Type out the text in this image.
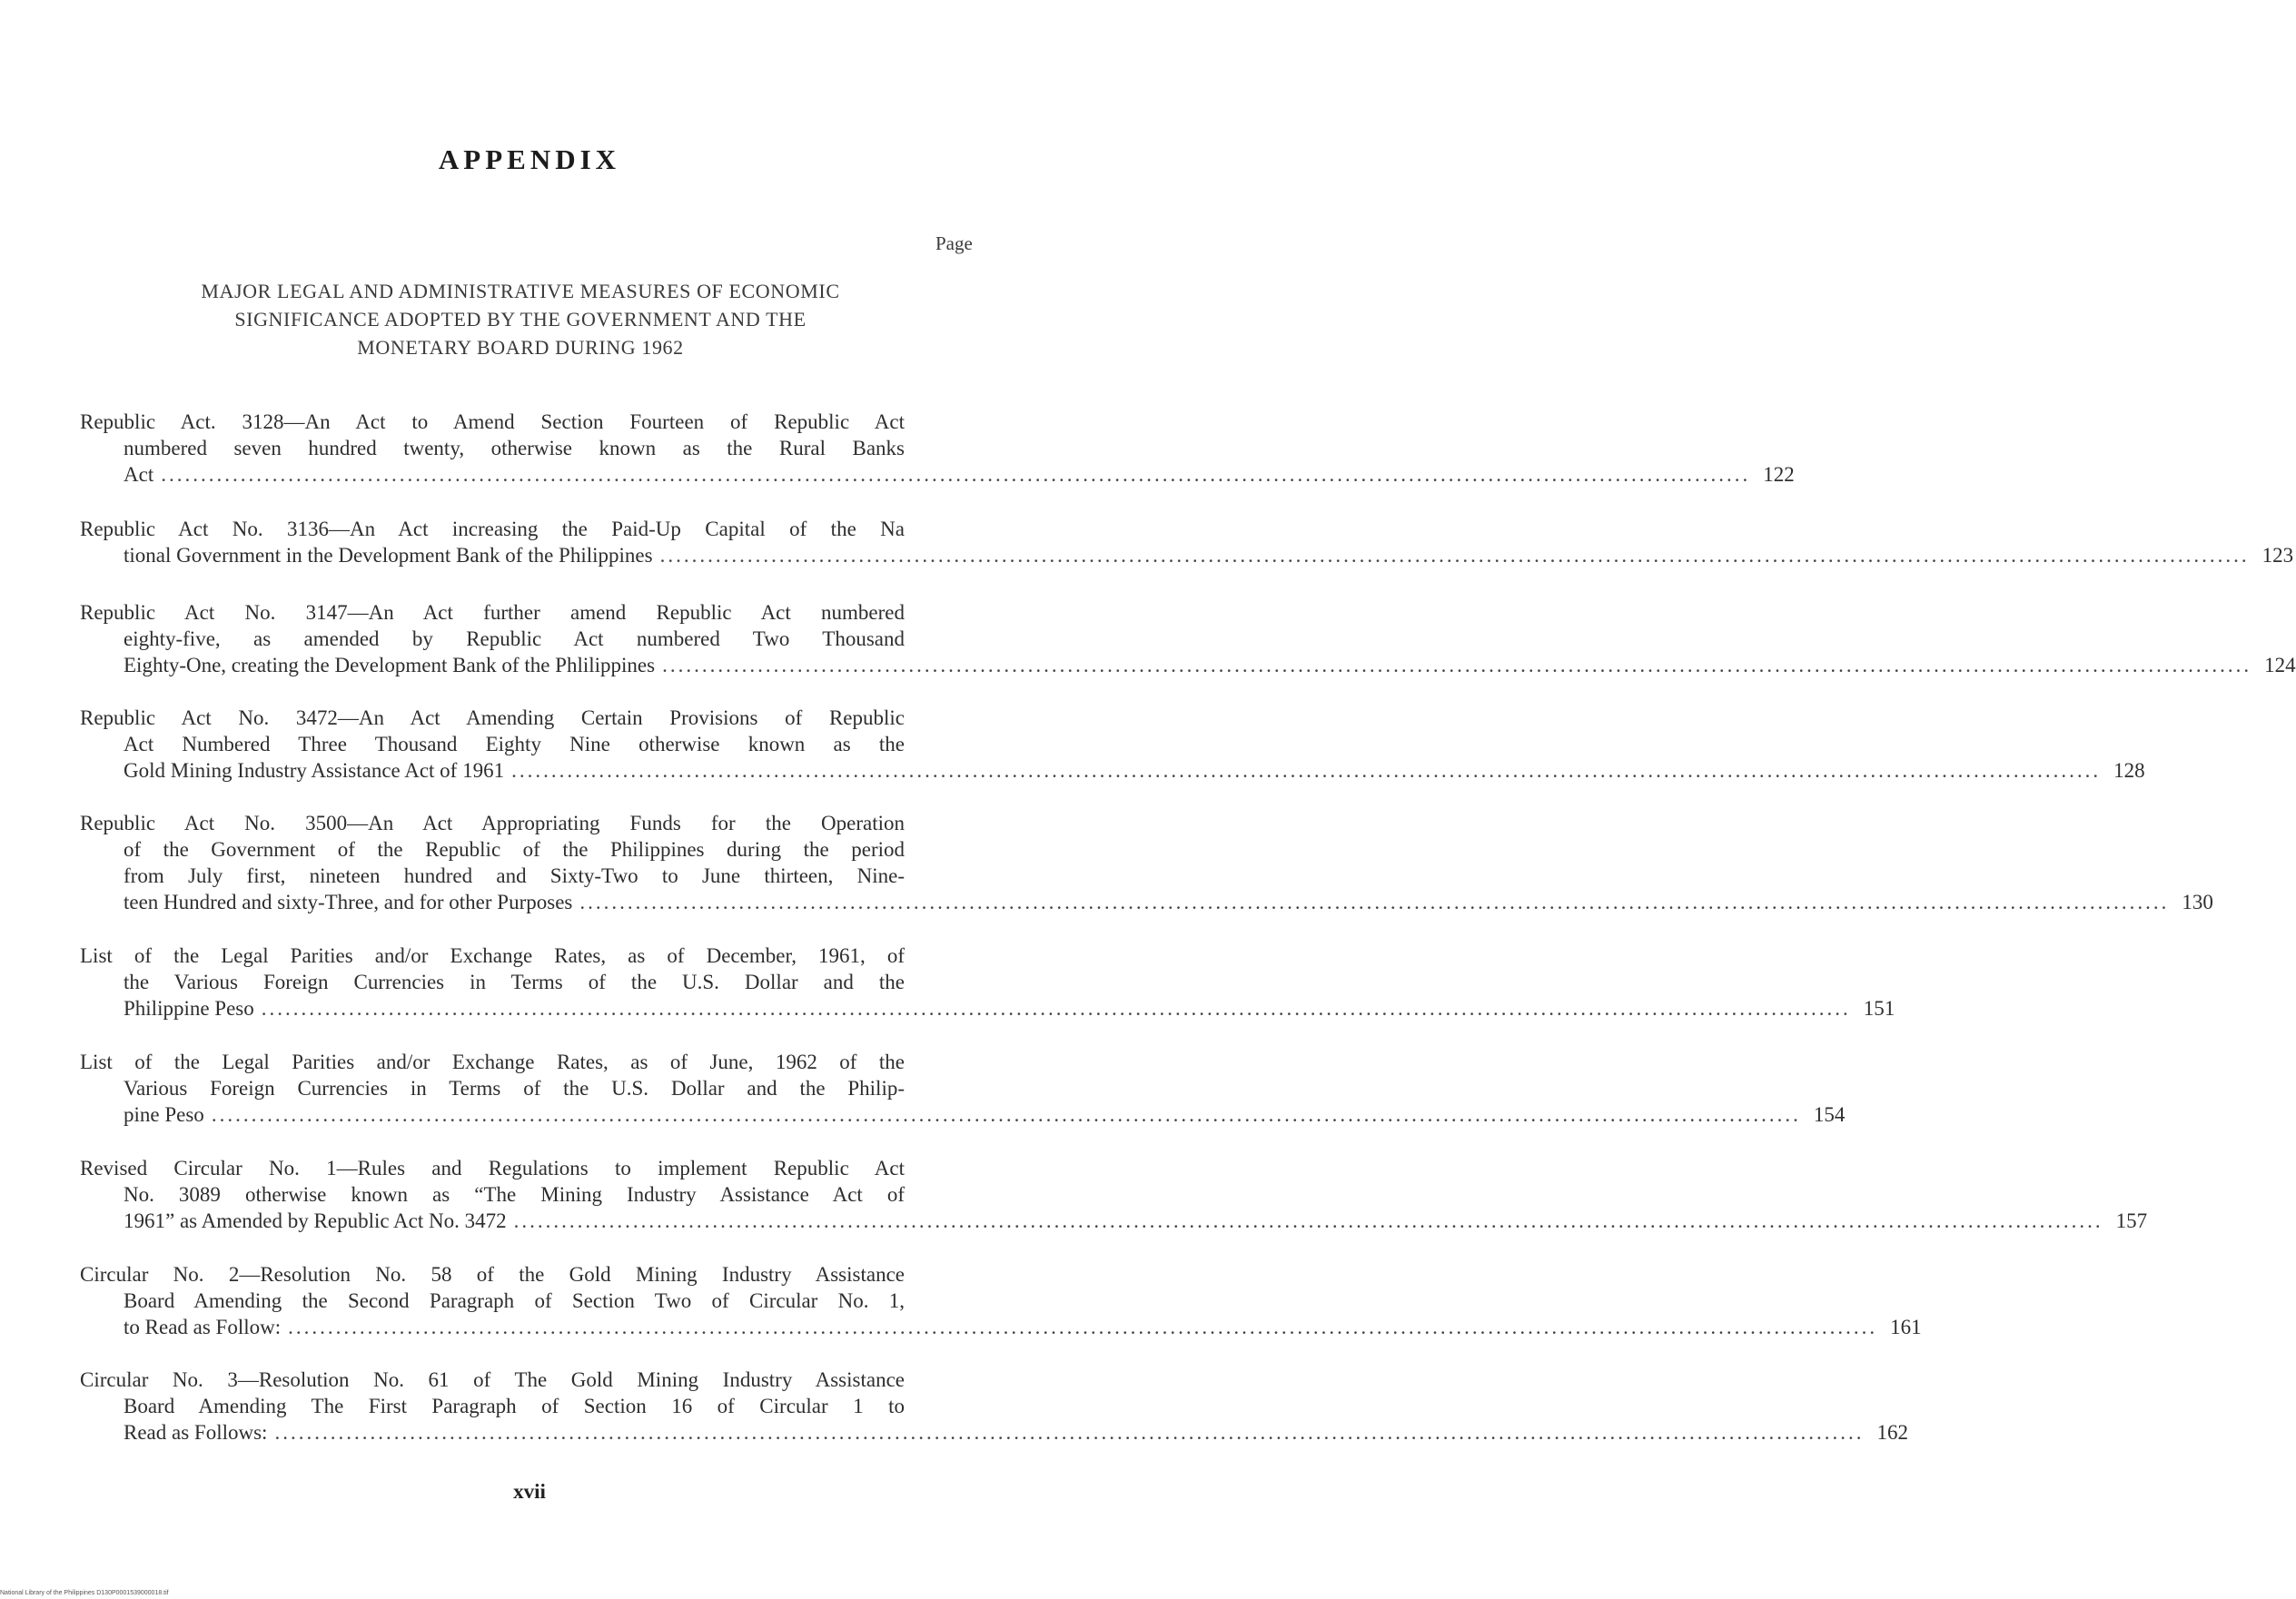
APPENDIX
Page
MAJOR LEGAL AND ADMINISTRATIVE MEASURES OF ECONOMIC
SIGNIFICANCE ADOPTED BY THE GOVERNMENT AND THE
MONETARY BOARD DURING 1962
Republic Act. 3128—An Act to Amend Section Fourteen of Republic Act
numbered seven hundred twenty, otherwise known as the Rural Banks
Act ........................................................................................................................................................................................................ 122
Republic Act No. 3136—An Act increasing the Paid-Up Capital of the Na
tional Government in the Development Bank of the Philippines ........................................................................................................................................................................................................ 123
Republic Act No. 3147—An Act further amend Republic Act numbered
eighty-five, as amended by Republic Act numbered Two Thousand
Eighty-One, creating the Development Bank of the Phlilippines ........................................................................................................................................................................................................ 124
Republic Act No. 3472—An Act Amending Certain Provisions of Republic
Act Numbered Three Thousand Eighty Nine otherwise known as the
Gold Mining Industry Assistance Act of 1961 ........................................................................................................................................................................................................ 128
Republic Act No. 3500—An Act Appropriating Funds for the Operation
of the Government of the Republic of the Philippines during the period
from July first, nineteen hundred and Sixty-Two to June thirteen, Nine-
teen Hundred and sixty-Three, and for other Purposes ........................................................................................................................................................................................................ 130
List of the Legal Parities and/or Exchange Rates, as of December, 1961, of
the Various Foreign Currencies in Terms of the U.S. Dollar and the
Philippine Peso ........................................................................................................................................................................................................ 151
List of the Legal Parities and/or Exchange Rates, as of June, 1962 of the
Various Foreign Currencies in Terms of the U.S. Dollar and the Philip-
pine Peso ........................................................................................................................................................................................................ 154
Revised Circular No. 1—Rules and Regulations to implement Republic Act
No. 3089 otherwise known as “The Mining Industry Assistance Act of
1961” as Amended by Republic Act No. 3472 ........................................................................................................................................................................................................ 157
Circular No. 2—Resolution No. 58 of the Gold Mining Industry Assistance
Board Amending the Second Paragraph of Section Two of Circular No. 1,
to Read as Follow: ........................................................................................................................................................................................................ 161
Circular No. 3—Resolution No. 61 of The Gold Mining Industry Assistance
Board Amending The First Paragraph of Section 16 of Circular 1 to
Read as Follows: ........................................................................................................................................................................................................ 162
xvii
National Library of the Philippines D130P0001539000018.tif
